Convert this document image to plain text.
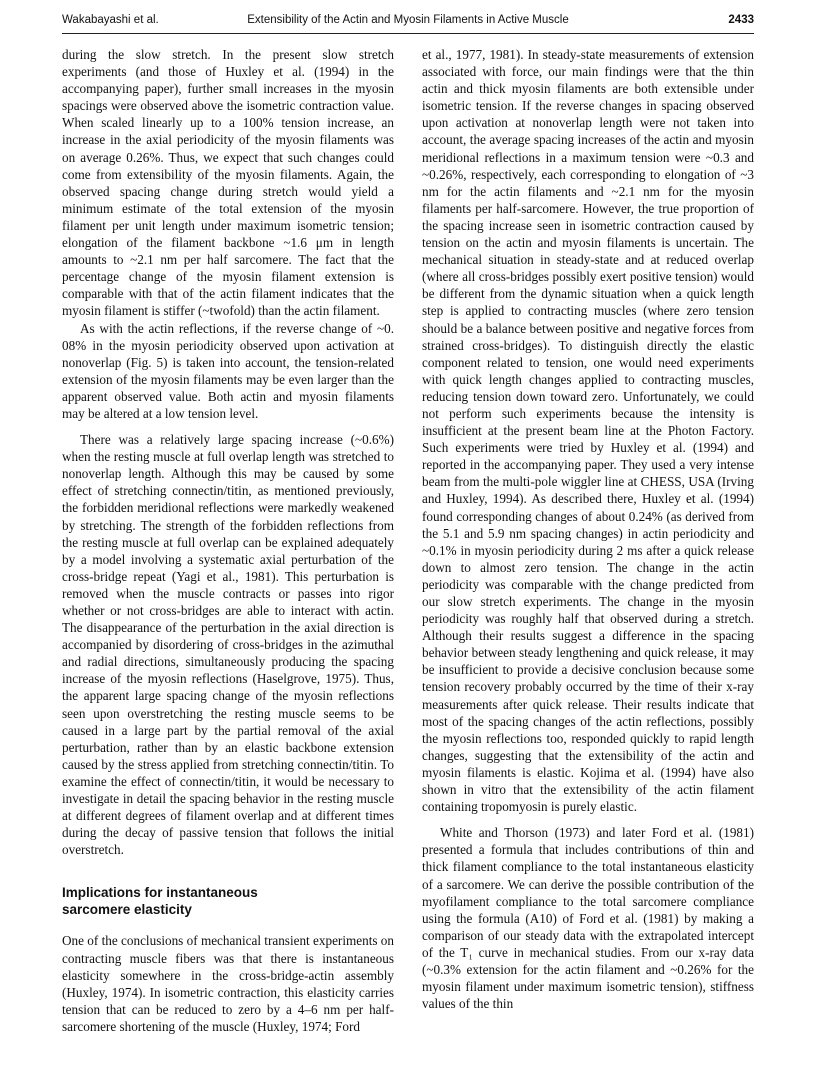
Wakabayashi et al.	Extensibility of the Actin and Myosin Filaments in Active Muscle	2433

during the slow stretch. In the present slow stretch experiments (and those of Huxley et al. (1994) in the accompanying paper), further small increases in the myosin spacings were observed above the isometric contraction value. When scaled linearly up to a 100% tension increase, an increase in the axial periodicity of the myosin filaments was on average 0.26%. Thus, we expect that such changes could come from extensibility of the myosin filaments. Again, the observed spacing change during stretch would yield a minimum estimate of the total extension of the myosin filament per unit length under maximum isometric tension; elongation of the filament backbone ~1.6 μm in length amounts to ~2.1 nm per half sarcomere. The fact that the percentage change of the myosin filament extension is comparable with that of the actin filament indicates that the myosin filament is stiffer (~twofold) than the actin filament.

As with the actin reflections, if the reverse change of ~0. 08% in the myosin periodicity observed upon activation at nonoverlap (Fig. 5) is taken into account, the tension-related extension of the myosin filaments may be even larger than the apparent observed value. Both actin and myosin filaments may be altered at a low tension level.

There was a relatively large spacing increase (~0.6%) when the resting muscle at full overlap length was stretched to nonoverlap length. Although this may be caused by some effect of stretching connectin/titin, as mentioned previously, the forbidden meridional reflections were markedly weakened by stretching. The strength of the forbidden reflections from the resting muscle at full overlap can be explained adequately by a model involving a systematic axial perturbation of the cross-bridge repeat (Yagi et al., 1981). This perturbation is removed when the muscle contracts or passes into rigor whether or not cross-bridges are able to interact with actin. The disappearance of the perturbation in the axial direction is accompanied by disordering of cross-bridges in the azimuthal and radial directions, simultaneously producing the spacing increase of the myosin reflections (Haselgrove, 1975). Thus, the apparent large spacing change of the myosin reflections seen upon overstretching the resting muscle seems to be caused in a large part by the partial removal of the axial perturbation, rather than by an elastic backbone extension caused by the stress applied from stretching connectin/titin. To examine the effect of connectin/titin, it would be necessary to investigate in detail the spacing behavior in the resting muscle at different degrees of filament overlap and at different times during the decay of passive tension that follows the initial overstretch.

Implications for instantaneous
sarcomere elasticity

One of the conclusions of mechanical transient experiments on contracting muscle fibers was that there is instantaneous elasticity somewhere in the cross-bridge-actin assembly (Huxley, 1974). In isometric contraction, this elasticity carries tension that can be reduced to zero by a 4–6 nm per half-sarcomere shortening of the muscle (Huxley, 1974; Ford

et al., 1977, 1981). In steady-state measurements of extension associated with force, our main findings were that the thin actin and thick myosin filaments are both extensible under isometric tension. If the reverse changes in spacing observed upon activation at nonoverlap length were not taken into account, the average spacing increases of the actin and myosin meridional reflections in a maximum tension were ~0.3 and ~0.26%, respectively, each corresponding to elongation of ~3 nm for the actin filaments and ~2.1 nm for the myosin filaments per half-sarcomere. However, the true proportion of the spacing increase seen in isometric contraction caused by tension on the actin and myosin filaments is uncertain. The mechanical situation in steady-state and at reduced overlap (where all cross-bridges possibly exert positive tension) would be different from the dynamic situation when a quick length step is applied to contracting muscles (where zero tension should be a balance between positive and negative forces from strained cross-bridges). To distinguish directly the elastic component related to tension, one would need experiments with quick length changes applied to contracting muscles, reducing tension down toward zero. Unfortunately, we could not perform such experiments because the intensity is insufficient at the present beam line at the Photon Factory. Such experiments were tried by Huxley et al. (1994) and reported in the accompanying paper. They used a very intense beam from the multi-pole wiggler line at CHESS, USA (Irving and Huxley, 1994). As described there, Huxley et al. (1994) found corresponding changes of about 0.24% (as derived from the 5.1 and 5.9 nm spacing changes) in actin periodicity and ~0.1% in myosin periodicity during 2 ms after a quick release down to almost zero tension. The change in the actin periodicity was comparable with the change predicted from our slow stretch experiments. The change in the myosin periodicity was roughly half that observed during a stretch. Although their results suggest a difference in the spacing behavior between steady lengthening and quick release, it may be insufficient to provide a decisive conclusion because some tension recovery probably occurred by the time of their x-ray measurements after quick release. Their results indicate that most of the spacing changes of the actin reflections, possibly the myosin reflections too, responded quickly to rapid length changes, suggesting that the extensibility of the actin and myosin filaments is elastic. Kojima et al. (1994) have also shown in vitro that the extensibility of the actin filament containing tropomyosin is purely elastic.

White and Thorson (1973) and later Ford et al. (1981) presented a formula that includes contributions of thin and thick filament compliance to the total instantaneous elasticity of a sarcomere. We can derive the possible contribution of the myofilament compliance to the total sarcomere compliance using the formula (A10) of Ford et al. (1981) by making a comparison of our steady data with the extrapolated intercept of the T₁ curve in mechanical studies. From our x-ray data (~0.3% extension for the actin filament and ~0.26% for the myosin filament under maximum isometric tension), stiffness values of the thin
